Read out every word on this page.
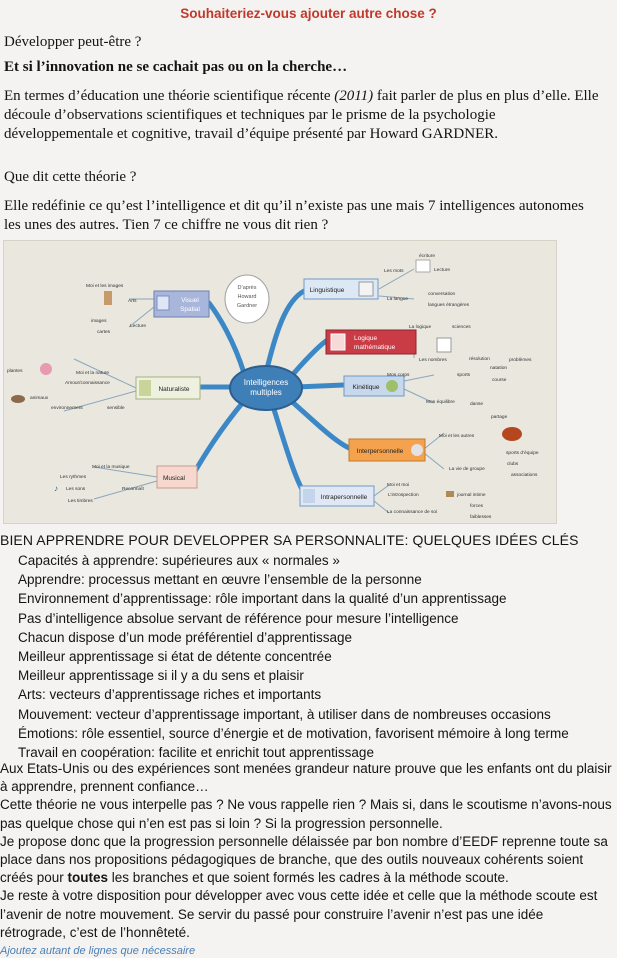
Souhaiteriez-vous ajouter autre chose ?
Développer peut-être ?
Et si l’innovation ne se cachait pas ou on la cherche…
En termes d’éducation une théorie scientifique récente (2011) fait parler de plus en plus d’elle. Elle découle d’observations scientifiques et techniques par le prisme de la psychologie développementale et cognitive, travail d’équipe présenté par Howard GARDNER.
Que dit cette théorie ?
Elle redéfinie ce qu’est l’intelligence et dit qu’il n’existe pas une mais 7 intelligences autonomes les unes des autres. Tien 7 ce chiffre ne vous dit rien ?
Intelligences
multiples
D’après
Howard
Gardner
Visuel
Spatial
Linguistique
Logique
mathématique
Kinétique
Naturaliste
Interpersonnelle
Musical
Intrapersonnelle
écriture
Lecture
Les mots
conversation
La langue
langues étrangères
Moi et les images
Arts
images
Lecture
cartes
La logique	sciences
Les nombres	résolution	problèmes
Moi et la nature
plantes
Amour/connaissance
animaux
environnement	sensible
Mon corps	sports
natation
course
Mon équilibre	danse
partage
Moi et les autres
sports d’équipe
La vie de groupe
clubs
associations
Moi et la musique
Les rythmes
Les sons	Reconnaît
Les timbres
♪	Moi et moi
L’introspection	journal intime
forces
La connaissance de soi
faiblesses
BIEN APPRENDRE POUR DEVELOPPER SA PERSONNALITE: QUELQUES IDÉES CLÉS
Capacités à apprendre: supérieures aux « normales »
Apprendre: processus mettant en œuvre l’ensemble de la personne
Environnement d’apprentissage: rôle important dans la qualité d’un apprentissage
Pas d’intelligence absolue servant de référence pour mesure l’intelligence
Chacun dispose d’un mode préférentiel d’apprentissage
Meilleur apprentissage si état de détente concentrée
Meilleur apprentissage si il y a du sens et plaisir
Arts: vecteurs d’apprentissage riches et importants
Mouvement: vecteur d’apprentissage important, à utiliser dans de nombreuses occasions
Émotions: rôle essentiel, source d’énergie et de motivation, favorisent mémoire à long terme
Travail en coopération: facilite et enrichit tout apprentissage

Aux Etats-Unis ou des expériences sont menées grandeur nature prouve que les enfants ont du plaisir à apprendre, prennent confiance…

Cette théorie ne vous interpelle pas ? Ne vous rappelle rien ? Mais si, dans le scoutisme n’avons-nous pas quelque chose qui n’en est pas si loin ? Si la progression personnelle.

Je propose donc que la progression personnelle délaissée par bon nombre d’EEDF reprenne toute sa place dans nos propositions pédagogiques de branche, que des outils nouveaux cohérents soient créés pour toutes les branches et que soient formés les cadres à la méthode scoute.

Je reste à votre disposition pour développer avec vous cette idée et celle que la méthode scoute est l’avenir de notre mouvement. Se servir du passé pour construire l’avenir n’est pas une idée rétrograde, c’est de l’honnêteté.

Ajoutez autant de lignes que nécessaire
